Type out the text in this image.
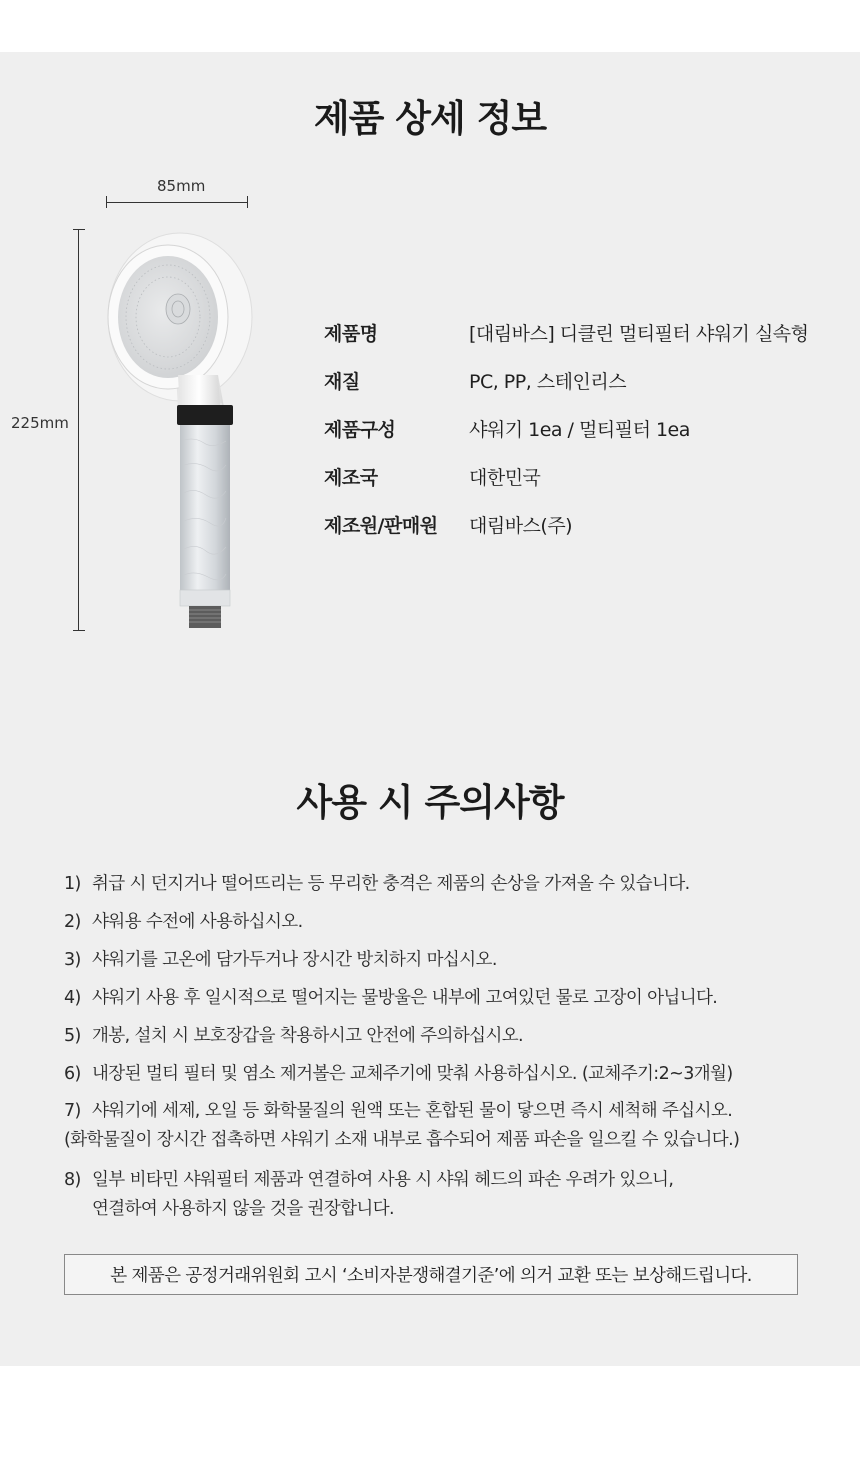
제품 상세 정보
85mm
225mm
제품명	[대림바스] 디클린 멀티필터 샤워기 실속형
재질	PC, PP, 스테인리스
제품구성	샤워기 1ea / 멀티필터 1ea
제조국	대한민국
제조원/판매원	대림바스(주)
사용 시 주의사항
1) 취급 시 던지거나 떨어뜨리는 등 무리한 충격은 제품의 손상을 가져올 수 있습니다.
2) 샤워용 수전에 사용하십시오.
3) 샤워기를 고온에 담가두거나 장시간 방치하지 마십시오.
4) 샤워기 사용 후 일시적으로 떨어지는 물방울은 내부에 고여있던 물로 고장이 아닙니다.
5) 개봉, 설치 시 보호장갑을 착용하시고 안전에 주의하십시오.
6) 내장된 멀티 필터 및 염소 제거볼은 교체주기에 맞춰 사용하십시오. (교체주기:2~3개월)
7) 샤워기에 세제, 오일 등 화학물질의 원액 또는 혼합된 물이 닿으면 즉시 세척해 주십시오.
(화학물질이 장시간 접촉하면 샤워기 소재 내부로 흡수되어 제품 파손을 일으킬 수 있습니다.)
8) 일부 비타민 샤워필터 제품과 연결하여 사용 시 샤워 헤드의 파손 우려가 있으니,
연결하여 사용하지 않을 것을 권장합니다.
본 제품은 공정거래위원회 고시 ‘소비자분쟁해결기준’에 의거 교환 또는 보상해드립니다.
